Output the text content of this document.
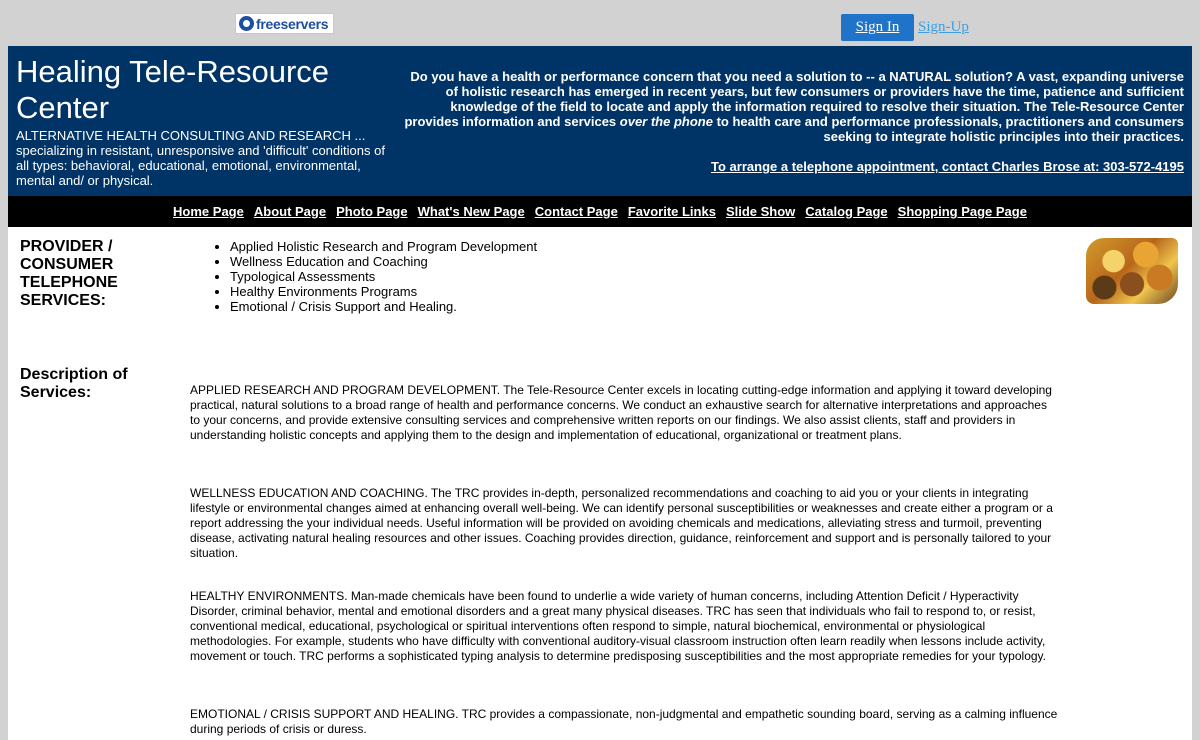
freeservers	Sign In	Sign-Up
Healing Tele-Resource Center
ALTERNATIVE HEALTH CONSULTING AND RESEARCH ... specializing in resistant, unresponsive and 'difficult' conditions of all types: behavioral, educational, emotional, environmental, mental and/ or physical.
Do you have a health or performance concern that you need a solution to -- a NATURAL solution? A vast, expanding universe of holistic research has emerged in recent years, but few consumers or providers have the time, patience and sufficient knowledge of the field to locate and apply the information required to resolve their situation. The Tele-Resource Center provides information and services over the phone to health care and performance professionals, practitioners and consumers seeking to integrate holistic principles into their practices.
To arrange a telephone appointment, contact Charles Brose at: 303-572-4195
Home Page About Page Photo Page What's New Page Contact Page Favorite Links Slide Show Catalog Page Shopping Page Page
PROVIDER / CONSUMER TELEPHONE SERVICES:
• Applied Holistic Research and Program Development
• Wellness Education and Coaching
• Typological Assessments
• Healthy Environments Programs
• Emotional / Crisis Support and Healing.
Description of Services:	APPLIED RESEARCH AND PROGRAM DEVELOPMENT. The Tele-Resource Center excels in locating cutting-edge information and applying it toward developing practical, natural solutions to a broad range of health and performance concerns. We conduct an exhaustive search for alternative interpretations and approaches to your concerns, and provide extensive consulting services and comprehensive written reports on our findings. We also assist clients, staff and providers in understanding holistic concepts and applying them to the design and implementation of educational, organizational or treatment plans.

WELLNESS EDUCATION AND COACHING. The TRC provides in-depth, personalized recommendations and coaching to aid you or your clients in integrating lifestyle or environmental changes aimed at enhancing overall well-being. We can identify personal susceptibilities or weaknesses and create either a program or a report addressing the your individual needs. Useful information will be provided on avoiding chemicals and medications, alleviating stress and turmoil, preventing disease, activating natural healing resources and other issues. Coaching provides direction, guidance, reinforcement and support and is personally tailored to your situation.

HEALTHY ENVIRONMENTS. Man-made chemicals have been found to underlie a wide variety of human concerns, including Attention Deficit / Hyperactivity Disorder, criminal behavior, mental and emotional disorders and a great many physical diseases. TRC has seen that individuals who fail to respond to, or resist, conventional medical, educational, psychological or spiritual interventions often respond to simple, natural biochemical, environmental or physiological methodologies. For example, students who have difficulty with conventional auditory-visual classroom instruction often learn readily when lessons include activity, movement or touch. TRC performs a sophisticated typing analysis to determine predisposing susceptibilities and the most appropriate remedies for your typology.

EMOTIONAL / CRISIS SUPPORT AND HEALING. TRC provides a compassionate, non-judgmental and empathetic sounding board, serving as a calming influence during periods of crisis or duress.
